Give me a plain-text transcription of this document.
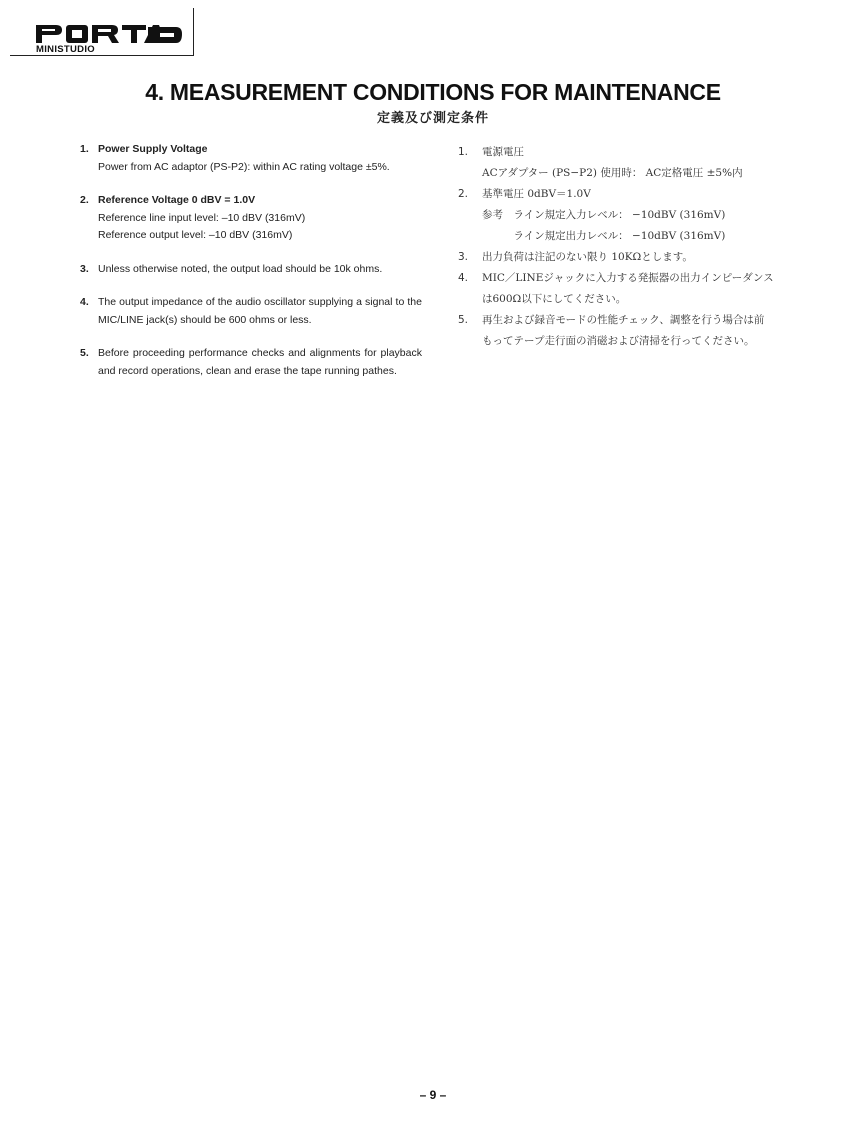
MINISTUDIO
4. MEASUREMENT CONDITIONS FOR MAINTENANCE
定義及び測定条件
1. Power Supply Voltage
Power from AC adaptor (PS-P2): within AC rating voltage ±5%.
2. Reference Voltage 0 dBV = 1.0V
Reference line input level: –10 dBV (316mV)
Reference output level: –10 dBV (316mV)
3. Unless otherwise noted, the output load should be 10k ohms.
4. The output impedance of the audio oscillator supplying a signal to the MIC/LINE jack(s) should be 600 ohms or less.
5. Before proceeding performance checks and alignments for playback and record operations, clean and erase the tape running pathes.
1. 電源電圧
ACアダプター (PS−P2) 使用時： AC定格電圧 ±5%内
2. 基準電圧 0dBV＝1.0V
参考　ライン規定入力レベル： −10dBV (316mV)
　　　ライン規定出力レベル： −10dBV (316mV)
3. 出力負荷は注記のない限り 10KΩとします。
4. MIC／LINEジャックに入力する発振器の出力インピーダンス
は600Ω以下にしてください。
5. 再生および録音モードの性能チェック、調整を行う場合は前
もってテープ走行面の消磁および清掃を行ってください。
– 9 –
